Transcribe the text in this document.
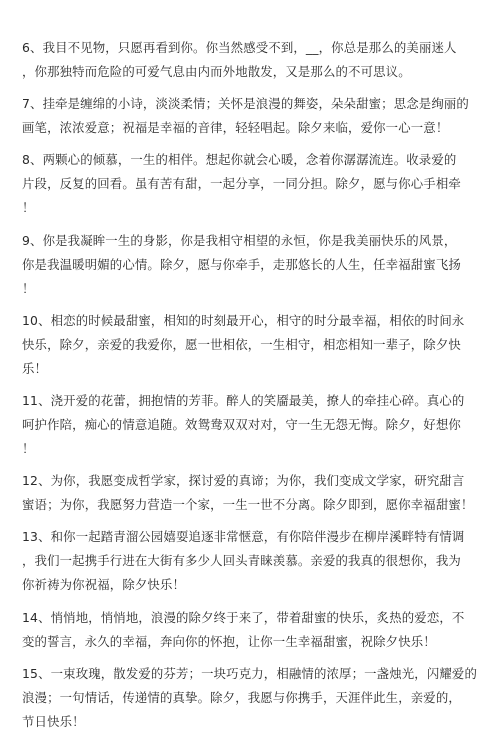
6、我目不见物，只愿再看到你。你当然感受不到，__，你总是那么的美丽迷人
，你那独特而危险的可爱气息由内而外地散发，又是那么的不可思议。
7、挂牵是缠绵的小诗，淡淡柔情；关怀是浪漫的舞姿，朵朵甜蜜；思念是绚丽的
画笔，浓浓爱意；祝福是幸福的音律，轻轻唱起。除夕来临，爱你一心一意！
8、两颗心的倾慕，一生的相伴。想起你就会心暖，念着你潺潺流连。收录爱的
片段，反复的回看。虽有苦有甜，一起分享，一同分担。除夕，愿与你心手相牵
！
9、你是我凝眸一生的身影，你是我相守相望的永恒，你是我美丽快乐的风景，
你是我温暖明媚的心情。除夕，愿与你牵手，走那悠长的人生，任幸福甜蜜飞扬
！
10、相恋的时候最甜蜜，相知的时刻最开心，相守的时分最幸福，相依的时间永
快乐，除夕，亲爱的我爱你，愿一世相依，一生相守，相恋相知一辈子，除夕快
乐！
11、浇开爱的花蕾，拥抱情的芳菲。醉人的笑靥最美，撩人的牵挂心碎。真心的
呵护作陪，痴心的情意追随。效鸳鸯双双对对，守一生无怨无悔。除夕，好想你
！
12、为你，我愿变成哲学家，探讨爱的真谛；为你，我们变成文学家，研究甜言
蜜语；为你，我愿努力营造一个家，一生一世不分离。除夕即到，愿你幸福甜蜜！
13、和你一起踏青溜公园嬉耍追逐非常惬意，有你陪伴漫步在柳岸溪畔特有情调
，我们一起携手行进在大街有多少人回头青睐羡慕。亲爱的我真的很想你，我为
你祈祷为你祝福，除夕快乐！
14、悄悄地，悄悄地，浪漫的除夕终于来了，带着甜蜜的快乐，炙热的爱恋，不
变的誓言，永久的幸福，奔向你的怀抱，让你一生幸福甜蜜，祝除夕快乐！
15、一束玫瑰，散发爱的芬芳；一块巧克力，相融情的浓厚；一盏烛光，闪耀爱的
浪漫；一句情话，传递情的真挚。除夕，我愿与你携手，天涯伴此生，亲爱的，
节日快乐！
